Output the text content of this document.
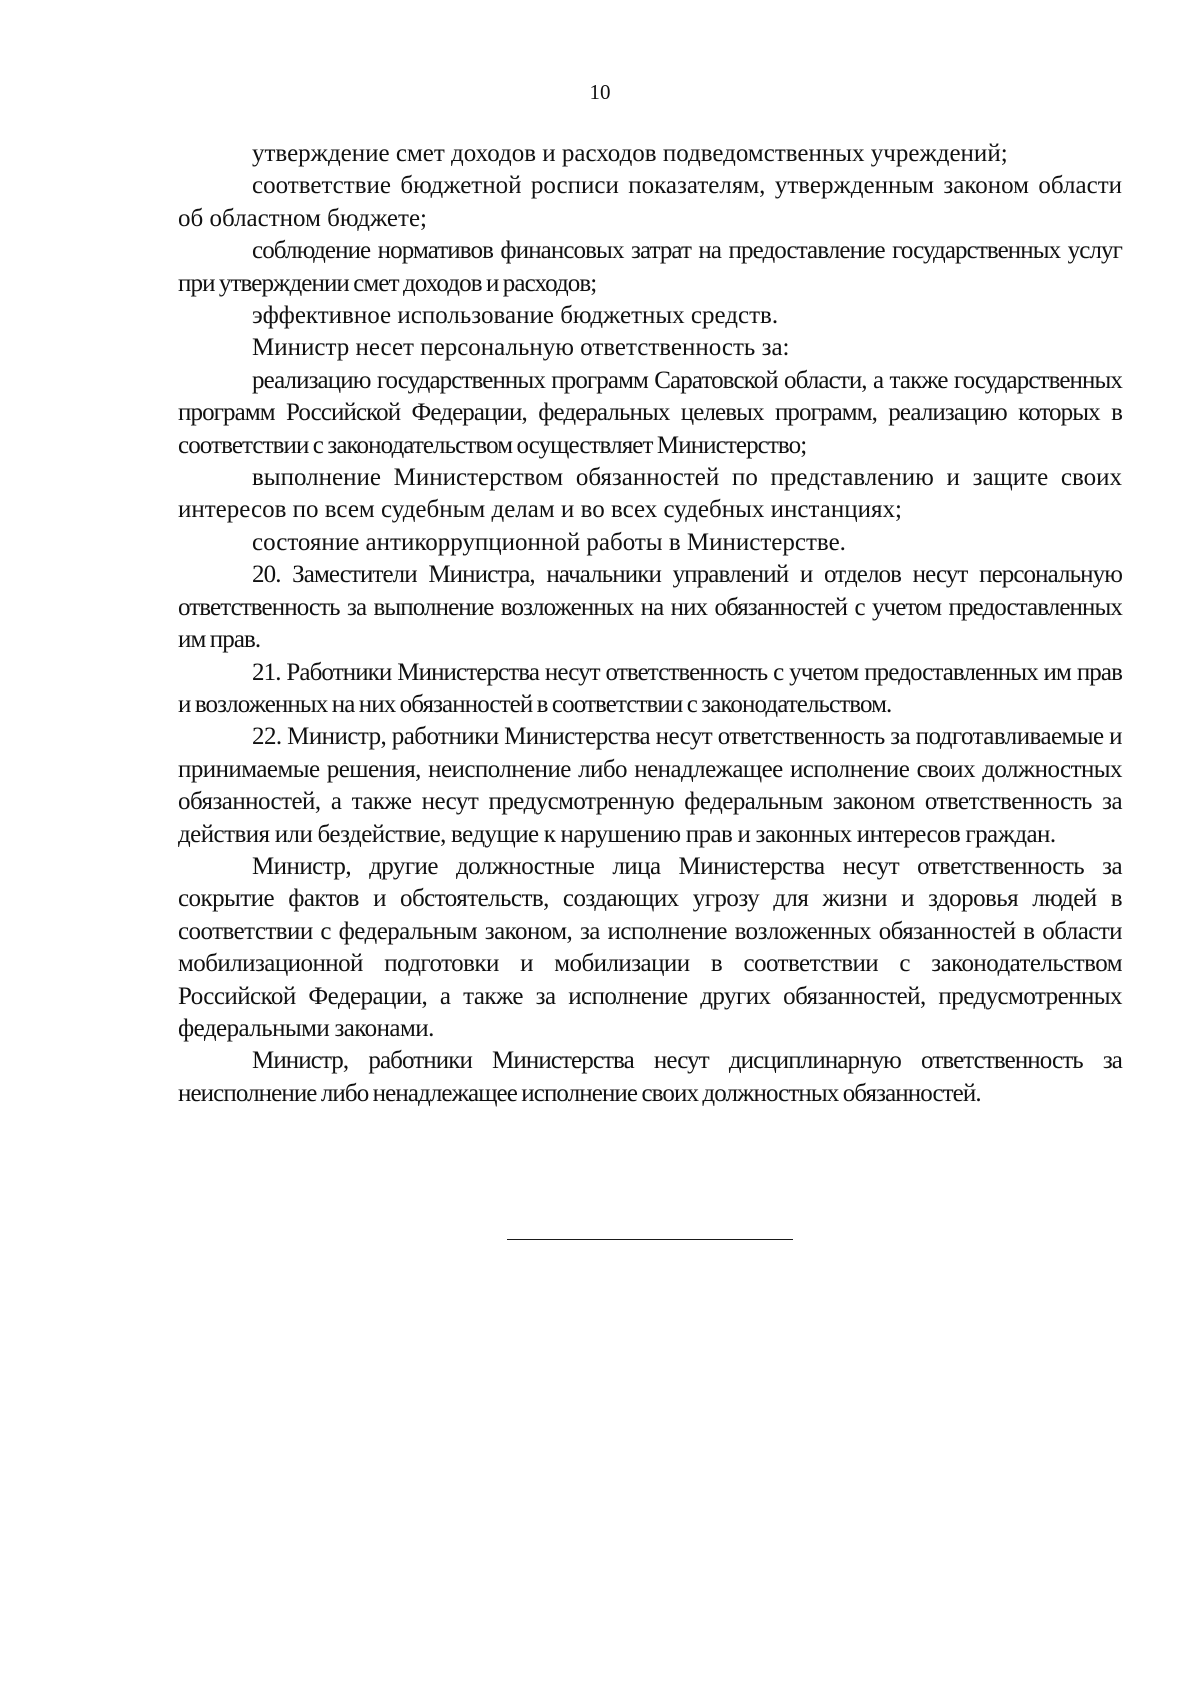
10

утверждение смет доходов и расходов подведомственных учреждений;

соответствие бюджетной росписи показателям, утвержденным законом области об областном бюджете;

соблюдение нормативов финансовых затрат на предоставление государственных услуг при утверждении смет доходов и расходов;

эффективное использование бюджетных средств.

Министр несет персональную ответственность за:

реализацию государственных программ Саратовской области, а также государственных программ Российской Федерации, федеральных целевых программ, реализацию которых в соответствии с законодательством осуществляет Министерство;

выполнение Министерством обязанностей по представлению и защите своих интересов по всем судебным делам и во всех судебных инстанциях;

состояние антикоррупционной работы в Министерстве.

20. Заместители Министра, начальники управлений и отделов несут персональную ответственность за выполнение возложенных на них обязанностей с учетом предоставленных им прав.

21. Работники Министерства несут ответственность с учетом предоставленных им прав и возложенных на них обязанностей в соответствии с законодательством.

22. Министр, работники Министерства несут ответственность за подготавливаемые и принимаемые решения, неисполнение либо ненадлежащее исполнение своих должностных обязанностей, а также несут предусмотренную федеральным законом ответственность за действия или бездействие, ведущие к нарушению прав и законных интересов граждан.

Министр, другие должностные лица Министерства несут ответственность за сокрытие фактов и обстоятельств, создающих угрозу для жизни и здоровья людей в соответствии с федеральным законом, за исполнение возложенных обязанностей в области мобилизационной подготовки и мобилизации в соответствии с законодательством Российской Федерации, а также за исполнение других обязанностей, предусмотренных федеральными законами.

Министр, работники Министерства несут дисциплинарную ответственность за неисполнение либо ненадлежащее исполнение своих должностных обязанностей.
